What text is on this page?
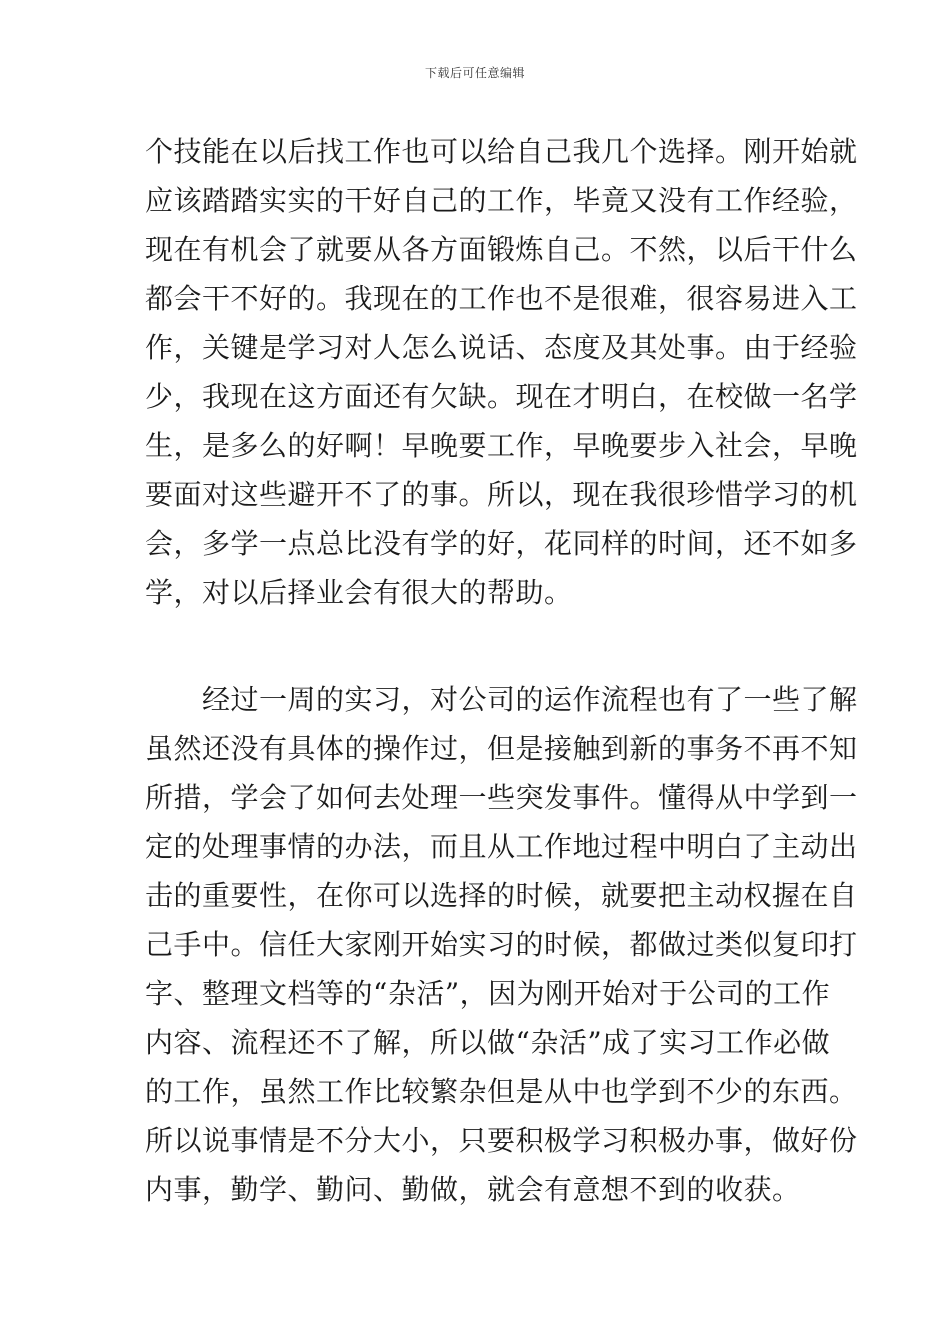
下载后可任意编辑
个技能在以后找工作也可以给自己我几个选择。刚开始就
应该踏踏实实的干好自己的工作，毕竟又没有工作经验，
现在有机会了就要从各方面锻炼自己。不然，以后干什么
都会干不好的。我现在的工作也不是很难，很容易进入工
作，关键是学习对人怎么说话、态度及其处事。由于经验
少，我现在这方面还有欠缺。现在才明白，在校做一名学
生，是多么的好啊！早晚要工作，早晚要步入社会，早晚
要面对这些避开不了的事。所以，现在我很珍惜学习的机
会，多学一点总比没有学的好，花同样的时间，还不如多
学，对以后择业会有很大的帮助。
　　经过一周的实习，对公司的运作流程也有了一些了解
虽然还没有具体的操作过，但是接触到新的事务不再不知
所措，学会了如何去处理一些突发事件。懂得从中学到一
定的处理事情的办法，而且从工作地过程中明白了主动出
击的重要性，在你可以选择的时候，就要把主动权握在自
己手中。信任大家刚开始实习的时候，都做过类似复印打
字、整理文档等的“杂活”，因为刚开始对于公司的工作
内容、流程还不了解，所以做“杂活”成了实习工作必做
的工作，虽然工作比较繁杂但是从中也学到不少的东西。
所以说事情是不分大小，只要积极学习积极办事，做好份
内事，勤学、勤问、勤做，就会有意想不到的收获。
